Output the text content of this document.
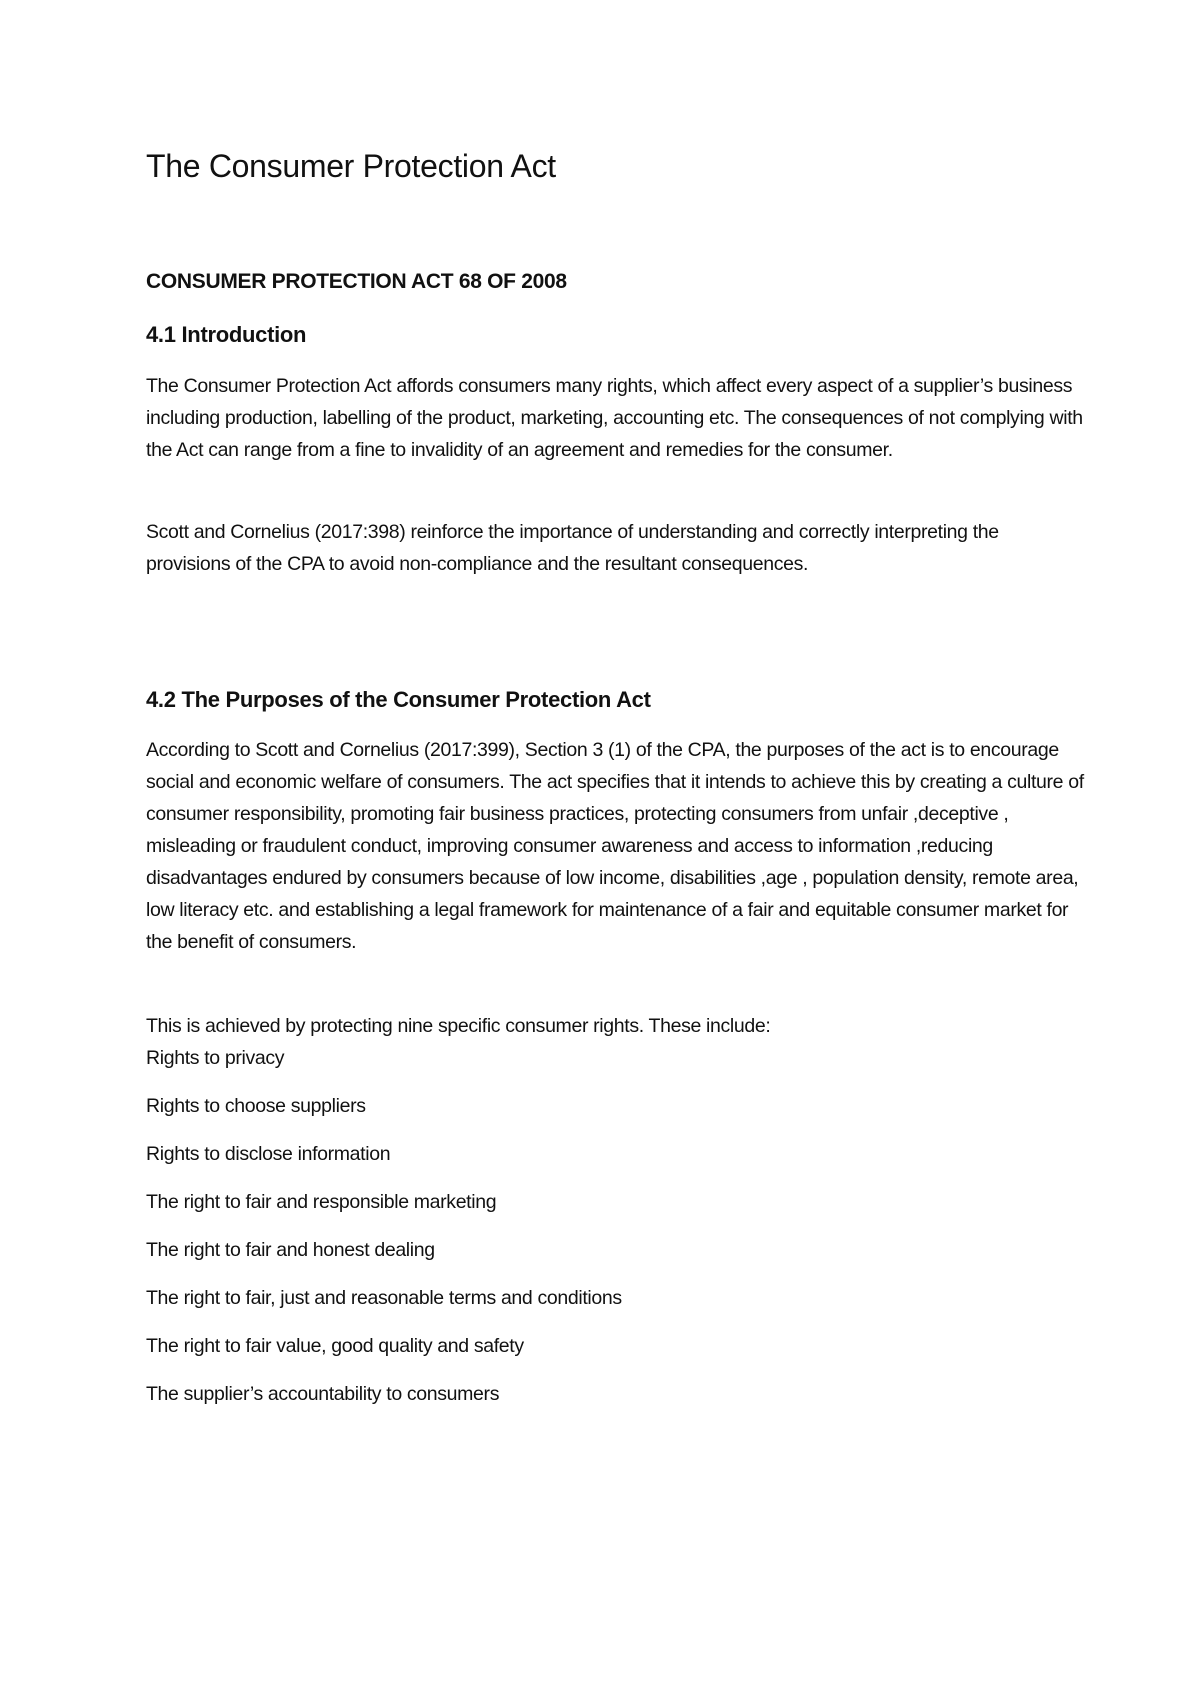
The Consumer Protection Act
CONSUMER PROTECTION ACT 68 OF 2008
4.1 Introduction

The Consumer Protection Act affords consumers many rights, which affect every aspect of a supplier’s business including production, labelling of the product, marketing, accounting etc. The consequences of not complying with the Act can range from a fine to invalidity of an agreement and remedies for the consumer.

Scott and Cornelius (2017:398) reinforce the importance of understanding and correctly interpreting the provisions of the CPA to avoid non-compliance and the resultant consequences.

4.2 The Purposes of the Consumer Protection Act

According to Scott and Cornelius (2017:399), Section 3 (1) of the CPA, the purposes of the act is to encourage social and economic welfare of consumers. The act specifies that it intends to achieve this by creating a culture of consumer responsibility, promoting fair business practices, protecting consumers from unfair ,deceptive , misleading or fraudulent conduct, improving consumer awareness and access to information ,reducing disadvantages endured by consumers because of low income, disabilities ,age , population density, remote area, low literacy etc. and establishing a legal framework for maintenance of a fair and equitable consumer market for the benefit of consumers.

This is achieved by protecting nine specific consumer rights. These include:

Rights to privacy
Rights to choose suppliers
Rights to disclose information
The right to fair and responsible marketing
The right to fair and honest dealing
The right to fair, just and reasonable terms and conditions
The right to fair value, good quality and safety
The supplier’s accountability to consumers
